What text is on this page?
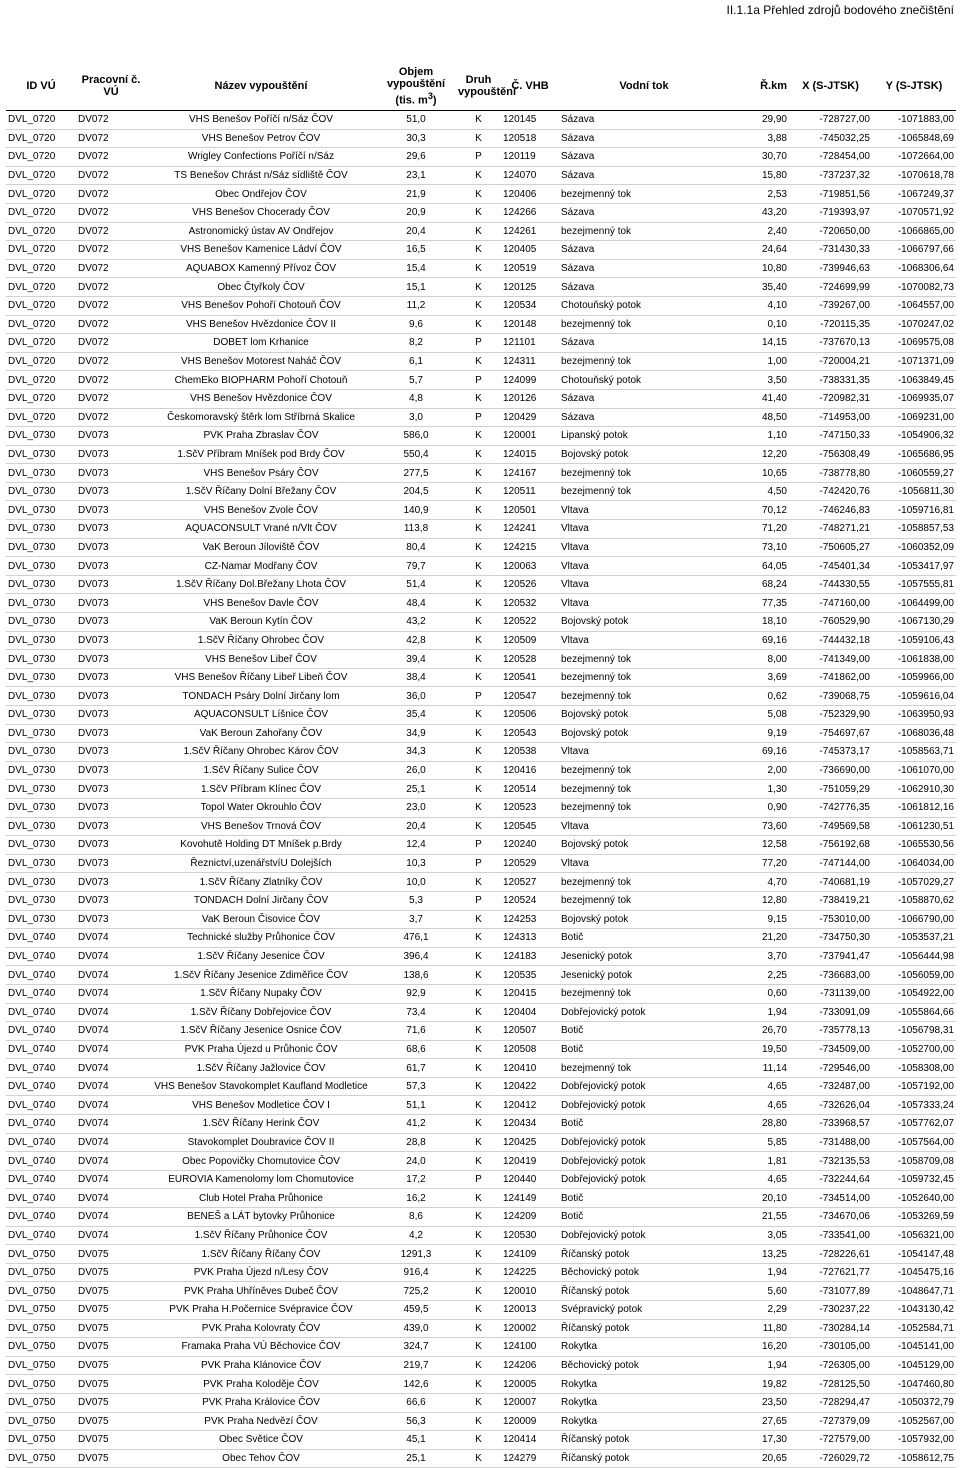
II.1.1a Přehled zdrojů bodového znečištění
ID VÚ	Pracovní č.
VÚ	Název vypouštění	Objem
vypouštění
(tis. $m^3$)	Druh
vypouštění	Č. VHB	Vodní tok	Ř.km	X (S-JTSK)	Y (S-JTSK)
DVL_0720	DV072	VHS Benešov Poříčí n/Sáz ČOV	51,0	K	120145	Sázava	29,90	-728727,00	-1071883,00
DVL_0720	DV072	VHS Benešov Petrov ČOV	30,3	K	120518	Sázava	3,88	-745032,25	-1065848,69
DVL_0720	DV072	Wrigley Confections Poříčí n/Sáz	29,6	P	120119	Sázava	30,70	-728454,00	-1072664,00
DVL_0720	DV072	TS Benešov Chrást n/Sáz sídliště ČOV	23,1	K	124070	Sázava	15,80	-737237,32	-1070618,78
DVL_0720	DV072	Obec Ondřejov ČOV	21,9	K	120406	bezejmenný tok	2,53	-719851,56	-1067249,37
DVL_0720	DV072	VHS Benešov Chocerady ČOV	20,9	K	124266	Sázava	43,20	-719393,97	-1070571,92
DVL_0720	DV072	Astronomický ústav AV Ondřejov	20,4	K	124261	bezejmenný tok	2,40	-720650,00	-1066865,00
DVL_0720	DV072	VHS Benešov Kamenice Ládví ČOV	16,5	K	120405	Sázava	24,64	-731430,33	-1066797,66
DVL_0720	DV072	AQUABOX Kamenný Přívoz ČOV	15,4	K	120519	Sázava	10,80	-739946,63	-1068306,64
DVL_0720	DV072	Obec Čtyřkoly ČOV	15,1	K	120125	Sázava	35,40	-724699,99	-1070082,73
DVL_0720	DV072	VHS Benešov Pohoří Chotouň ČOV	11,2	K	120534	Chotouňský potok	4,10	-739267,00	-1064557,00
DVL_0720	DV072	VHS Benešov Hvězdonice ČOV II	9,6	K	120148	bezejmenný tok	0,10	-720115,35	-1070247,02
DVL_0720	DV072	DOBET lom Krhanice	8,2	P	121101	Sázava	14,15	-737670,13	-1069575,08
DVL_0720	DV072	VHS Benešov Motorest Naháč ČOV	6,1	K	124311	bezejmenný tok	1,00	-720004,21	-1071371,09
DVL_0720	DV072	ChemEko BIOPHARM Pohoří Chotouň	5,7	P	124099	Chotouňský potok	3,50	-738331,35	-1063849,45
DVL_0720	DV072	VHS Benešov Hvězdonice ČOV	4,8	K	120126	Sázava	41,40	-720982,31	-1069935,07
DVL_0720	DV072	Českomoravský štěrk lom Stříbrná Skalice	3,0	P	120429	Sázava	48,50	-714953,00	-1069231,00
DVL_0730	DV073	PVK Praha Zbraslav ČOV	586,0	K	120001	Lipanský potok	1,10	-747150,33	-1054906,32
DVL_0730	DV073	1.SčV Příbram Mníšek pod Brdy ČOV	550,4	K	124015	Bojovský potok	12,20	-756308,49	-1065686,95
DVL_0730	DV073	VHS Benešov Psáry ČOV	277,5	K	124167	bezejmenný tok	10,65	-738778,80	-1060559,27
DVL_0730	DV073	1.SčV Říčany Dolní Břežany ČOV	204,5	K	120511	bezejmenný tok	4,50	-742420,76	-1056811,30
DVL_0730	DV073	VHS Benešov Zvole ČOV	140,9	K	120501	Vltava	70,12	-746246,83	-1059716,81
DVL_0730	DV073	AQUACONSULT Vrané n/Vlt ČOV	113,8	K	124241	Vltava	71,20	-748271,21	-1058857,53
DVL_0730	DV073	VaK Beroun Jíloviště ČOV	80,4	K	124215	Vltava	73,10	-750605,27	-1060352,09
DVL_0730	DV073	CZ-Namar Modřany ČOV	79,7	K	120063	Vltava	64,05	-745401,34	-1053417,97
DVL_0730	DV073	1.SčV Říčany Dol.Břežany Lhota ČOV	51,4	K	120526	Vltava	68,24	-744330,55	-1057555,81
DVL_0730	DV073	VHS Benešov Davle ČOV	48,4	K	120532	Vltava	77,35	-747160,00	-1064499,00
DVL_0730	DV073	VaK Beroun Kytín ČOV	43,2	K	120522	Bojovský potok	18,10	-760529,90	-1067130,29
DVL_0730	DV073	1.SčV Říčany Ohrobec ČOV	42,8	K	120509	Vltava	69,16	-744432,18	-1059106,43
DVL_0730	DV073	VHS Benešov Libeř ČOV	39,4	K	120528	bezejmenný tok	8,00	-741349,00	-1061838,00
DVL_0730	DV073	VHS Benešov Říčany Libeř Libeň ČOV	38,4	K	120541	bezejmenný tok	3,69	-741862,00	-1059966,00
DVL_0730	DV073	TONDACH Psáry Dolní Jirčany lom	36,0	P	120547	bezejmenný tok	0,62	-739068,75	-1059616,04
DVL_0730	DV073	AQUACONSULT Líšnice ČOV	35,4	K	120506	Bojovský potok	5,08	-752329,90	-1063950,93
DVL_0730	DV073	VaK Beroun Zahořany ČOV	34,9	K	120543	Bojovský potok	9,19	-754697,67	-1068036,48
DVL_0730	DV073	1.SčV Říčany Ohrobec Károv ČOV	34,3	K	120538	Vltava	69,16	-745373,17	-1058563,71
DVL_0730	DV073	1.SčV Říčany Sulice ČOV	26,0	K	120416	bezejmenný tok	2,00	-736690,00	-1061070,00
DVL_0730	DV073	1.SčV Příbram Klínec ČOV	25,1	K	120514	bezejmenný tok	1,30	-751059,29	-1062910,30
DVL_0730	DV073	Topol Water Okrouhlo ČOV	23,0	K	120523	bezejmenný tok	0,90	-742776,35	-1061812,16
DVL_0730	DV073	VHS Benešov Trnová ČOV	20,4	K	120545	Vltava	73,60	-749569,58	-1061230,51
DVL_0730	DV073	Kovohutě Holding DT Mníšek p.Brdy	12,4	P	120240	Bojovský potok	12,58	-756192,68	-1065530,56
DVL_0730	DV073	Řeznictví,uzenářstvíU Dolejších	10,3	P	120529	Vltava	77,20	-747144,00	-1064034,00
DVL_0730	DV073	1.SčV Říčany Zlatníky ČOV	10,0	K	120527	bezejmenný tok	4,70	-740681,19	-1057029,27
DVL_0730	DV073	TONDACH Dolní Jirčany ČOV	5,3	P	120524	bezejmenný tok	12,80	-738419,21	-1058870,62
DVL_0730	DV073	VaK Beroun Čisovice ČOV	3,7	K	124253	Bojovský potok	9,15	-753010,00	-1066790,00
DVL_0740	DV074	Technické služby Průhonice ČOV	476,1	K	124313	Botič	21,20	-734750,30	-1053537,21
DVL_0740	DV074	1.SčV Říčany Jesenice ČOV	396,4	K	124183	Jesenický potok	3,70	-737941,47	-1056444,98
DVL_0740	DV074	1.SčV Říčany Jesenice Zdiměřice ČOV	138,6	K	120535	Jesenický potok	2,25	-736683,00	-1056059,00
DVL_0740	DV074	1.SčV Říčany Nupaky ČOV	92,9	K	120415	bezejmenný tok	0,60	-731139,00	-1054922,00
DVL_0740	DV074	1.SčV Říčany Dobřejovice ČOV	73,4	K	120404	Dobřejovický potok	1,94	-733091,09	-1055864,66
DVL_0740	DV074	1.SčV Říčany Jesenice Osnice ČOV	71,6	K	120507	Botič	26,70	-735778,13	-1056798,31
DVL_0740	DV074	PVK Praha Újezd u Průhonic ČOV	68,6	K	120508	Botič	19,50	-734509,00	-1052700,00
DVL_0740	DV074	1.SčV Říčany Jažlovice ČOV	61,7	K	120410	bezejmenný tok	11,14	-729546,00	-1058308,00
DVL_0740	DV074	VHS Benešov Stavokomplet Kaufland Modletice	57,3	K	120422	Dobřejovický potok	4,65	-732487,00	-1057192,00
DVL_0740	DV074	VHS Benešov Modletice ČOV I	51,1	K	120412	Dobřejovický potok	4,65	-732626,04	-1057333,24
DVL_0740	DV074	1.SčV Říčany Herink ČOV	41,2	K	120434	Botič	28,80	-733968,57	-1057762,07
DVL_0740	DV074	Stavokomplet Doubravice ČOV II	28,8	K	120425	Dobřejovický potok	5,85	-731488,00	-1057564,00
DVL_0740	DV074	Obec Popovičky Chomutovice ČOV	24,0	K	120419	Dobřejovický potok	1,81	-732135,53	-1058709,08
DVL_0740	DV074	EUROVIA Kamenolomy lom Chomutovice	17,2	P	120440	Dobřejovický potok	4,65	-732244,64	-1059732,45
DVL_0740	DV074	Club Hotel Praha Průhonice	16,2	K	124149	Botič	20,10	-734514,00	-1052640,00
DVL_0740	DV074	BENEŠ a LÁT bytovky Průhonice	8,6	K	124209	Botič	21,55	-734670,06	-1053269,59
DVL_0740	DV074	1.SčV Říčany Průhonice ČOV	4,2	K	120530	Dobřejovický potok	3,05	-733541,00	-1056321,00
DVL_0750	DV075	1.SčV Říčany Říčany ČOV	1291,3	K	124109	Říčanský potok	13,25	-728226,61	-1054147,48
DVL_0750	DV075	PVK Praha Újezd n/Lesy ČOV	916,4	K	124225	Běchovický potok	1,94	-727621,77	-1045475,16
DVL_0750	DV075	PVK Praha Uhříněves Dubeč ČOV	725,2	K	120010	Říčanský potok	5,60	-731077,89	-1048647,71
DVL_0750	DV075	PVK Praha H.Počernice Svépravice ČOV	459,5	K	120013	Svépravický potok	2,29	-730237,22	-1043130,42
DVL_0750	DV075	PVK Praha Kolovraty ČOV	439,0	K	120002	Říčanský potok	11,80	-730284,14	-1052584,71
DVL_0750	DV075	Framaka Praha VÚ Běchovice ČOV	324,7	K	124100	Rokytka	16,20	-730105,00	-1045141,00
DVL_0750	DV075	PVK Praha Klánovice ČOV	219,7	K	124206	Běchovický potok	1,94	-726305,00	-1045129,00
DVL_0750	DV075	PVK Praha Koloděje ČOV	142,6	K	120005	Rokytka	19,82	-728125,50	-1047460,80
DVL_0750	DV075	PVK Praha Královice ČOV	66,6	K	120007	Rokytka	23,50	-728294,47	-1050372,79
DVL_0750	DV075	PVK Praha Nedvězí ČOV	56,3	K	120009	Rokytka	27,65	-727379,09	-1052567,00
DVL_0750	DV075	Obec Světice ČOV	45,1	K	120414	Říčanský potok	17,30	-727579,00	-1057932,00
DVL_0750	DV075	Obec Tehov ČOV	25,1	K	124279	Říčanský potok	20,65	-726029,72	-1058612,75
